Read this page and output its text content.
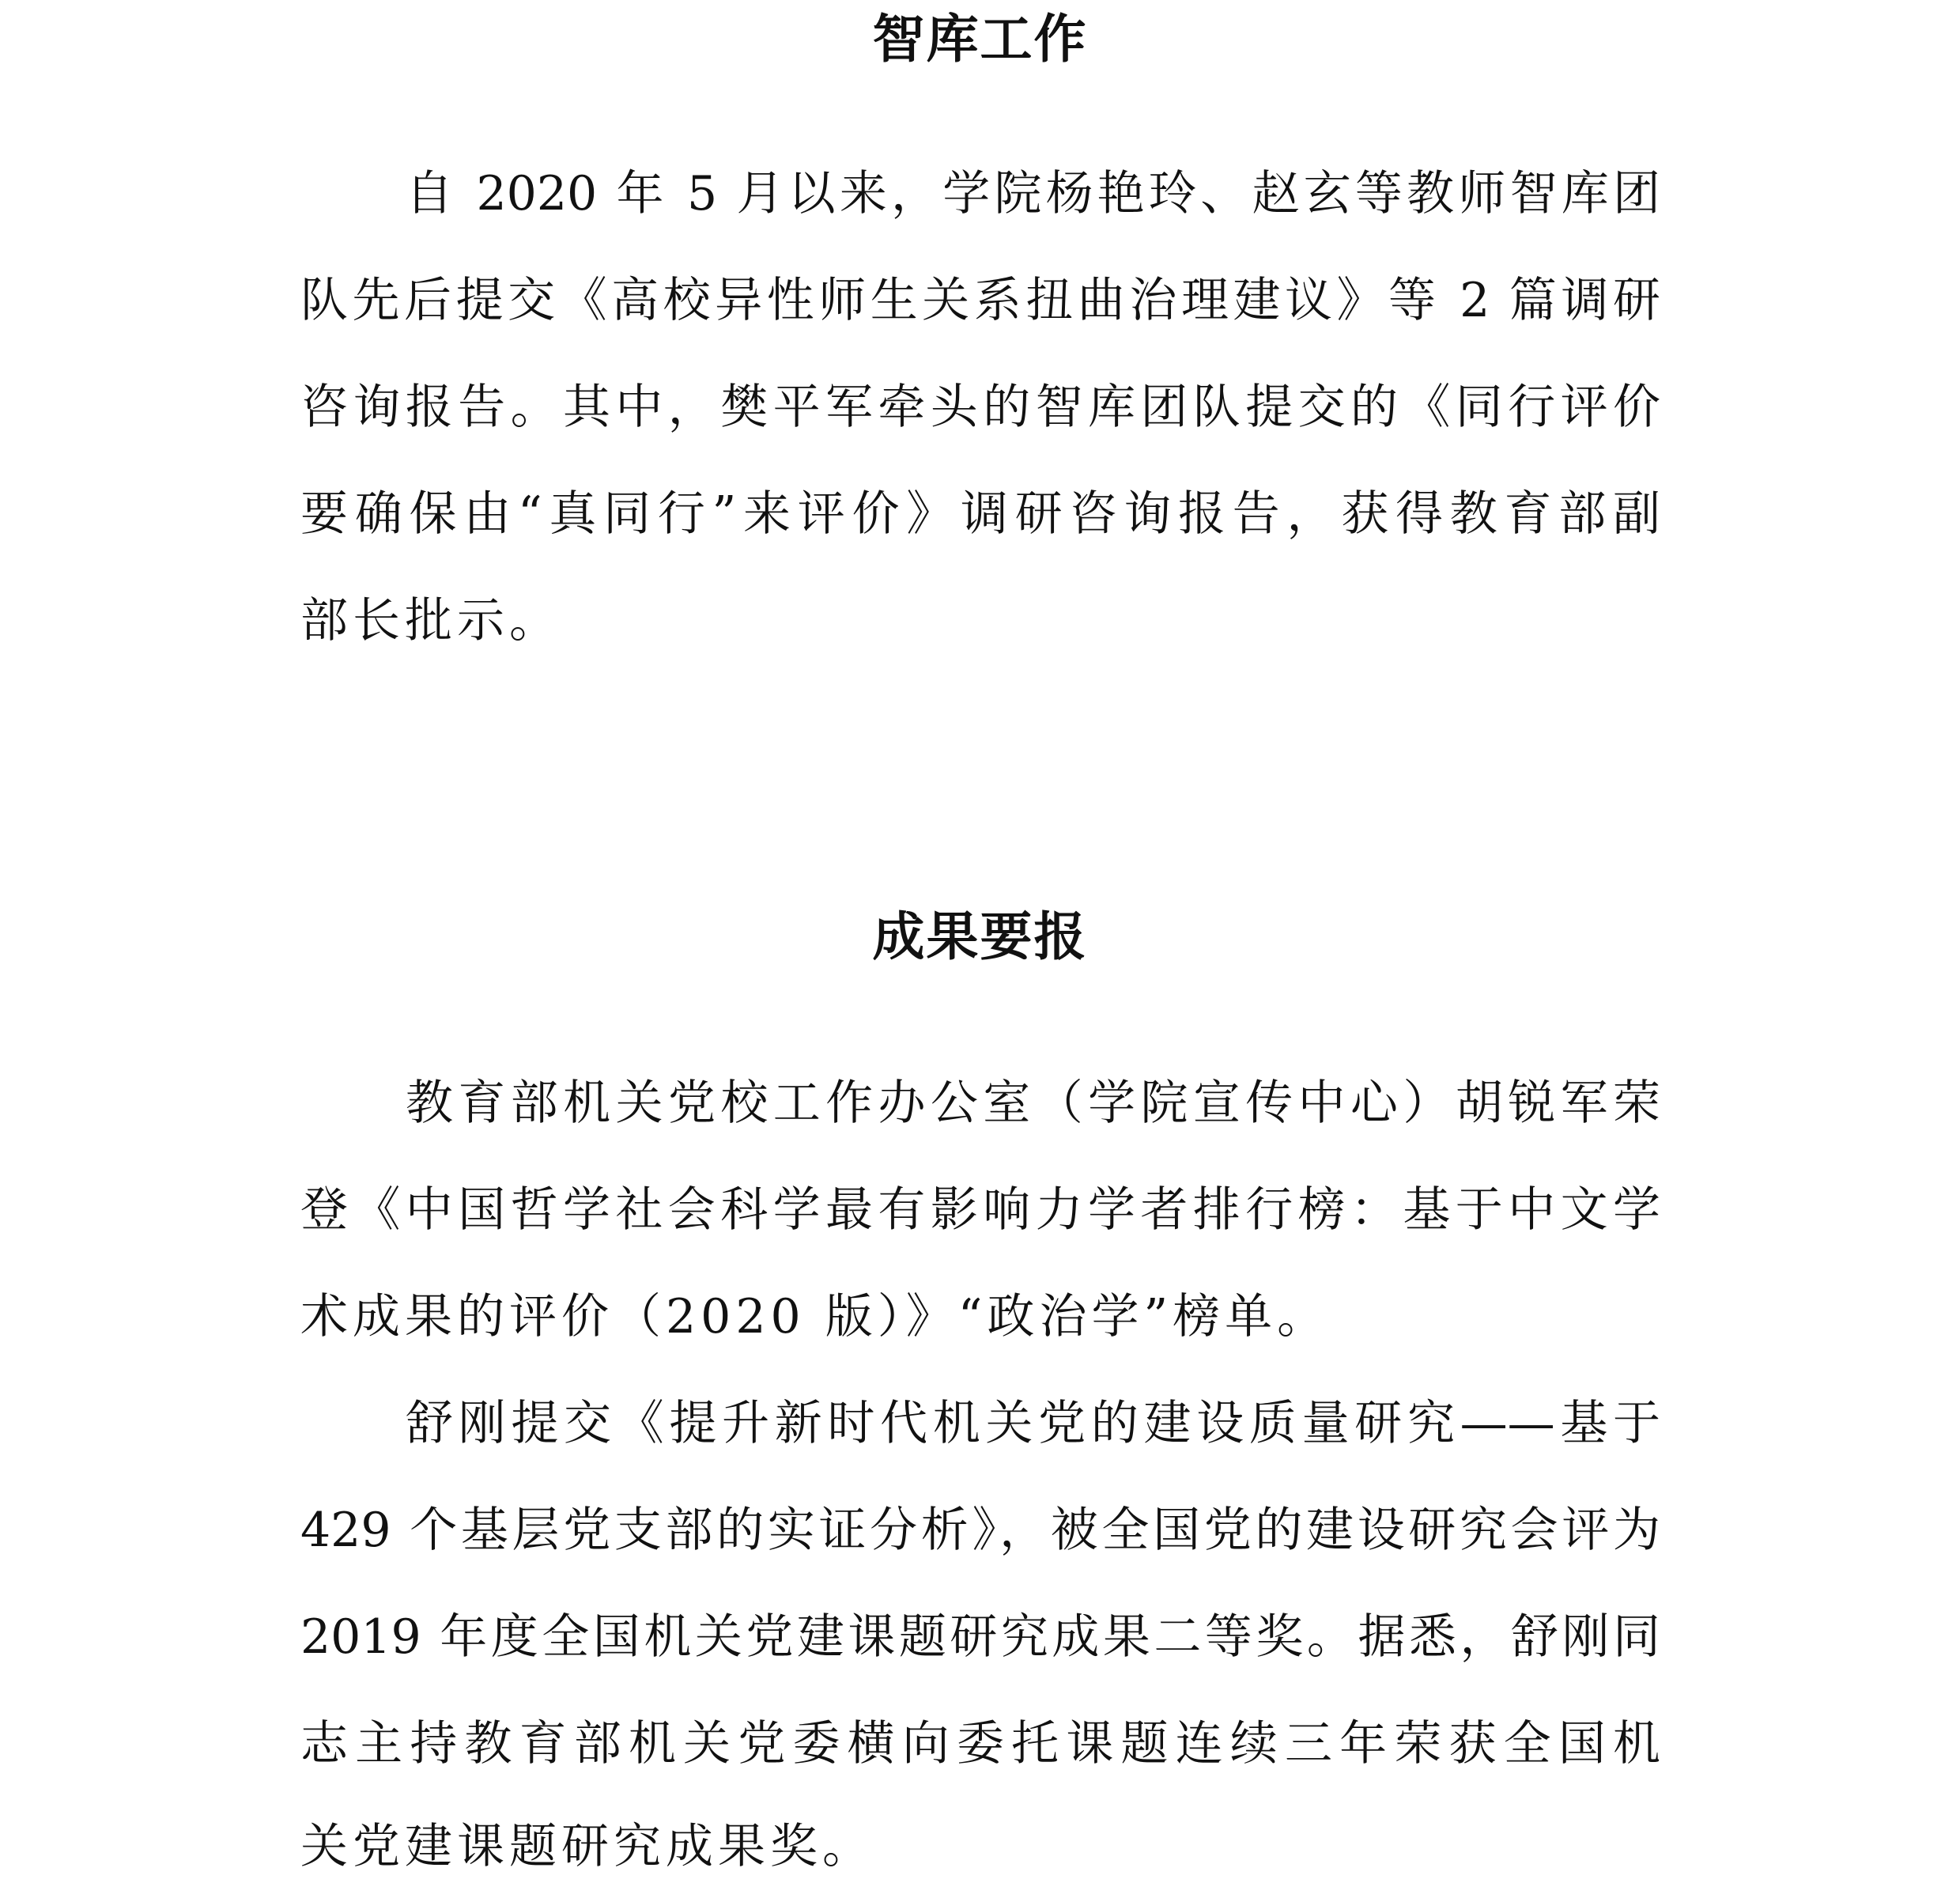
智库工作
自 2020 年 5 月以来，学院杨艳玲、赵玄等教师智库团
队先后提交《高校异性师生关系扭曲治理建议》等 2 篇调研
咨询报告。其中，樊平军牵头的智库团队提交的《同行评价
要确保由“真同行”来评价》调研咨询报告，获得教育部副
部长批示。
成果要报
教育部机关党校工作办公室（学院宣传中心）胡锐军荣
登《中国哲学社会科学最有影响力学者排行榜：基于中文学
术成果的评价（2020 版）》“政治学”榜单。
舒刚提交《提升新时代机关党的建设质量研究——基于
429 个基层党支部的实证分析》，被全国党的建设研究会评为
2019 年度全国机关党建课题研究成果二等奖。据悉，舒刚同
志主持教育部机关党委横向委托课题连续三年荣获全国机
关党建课题研究成果奖。
